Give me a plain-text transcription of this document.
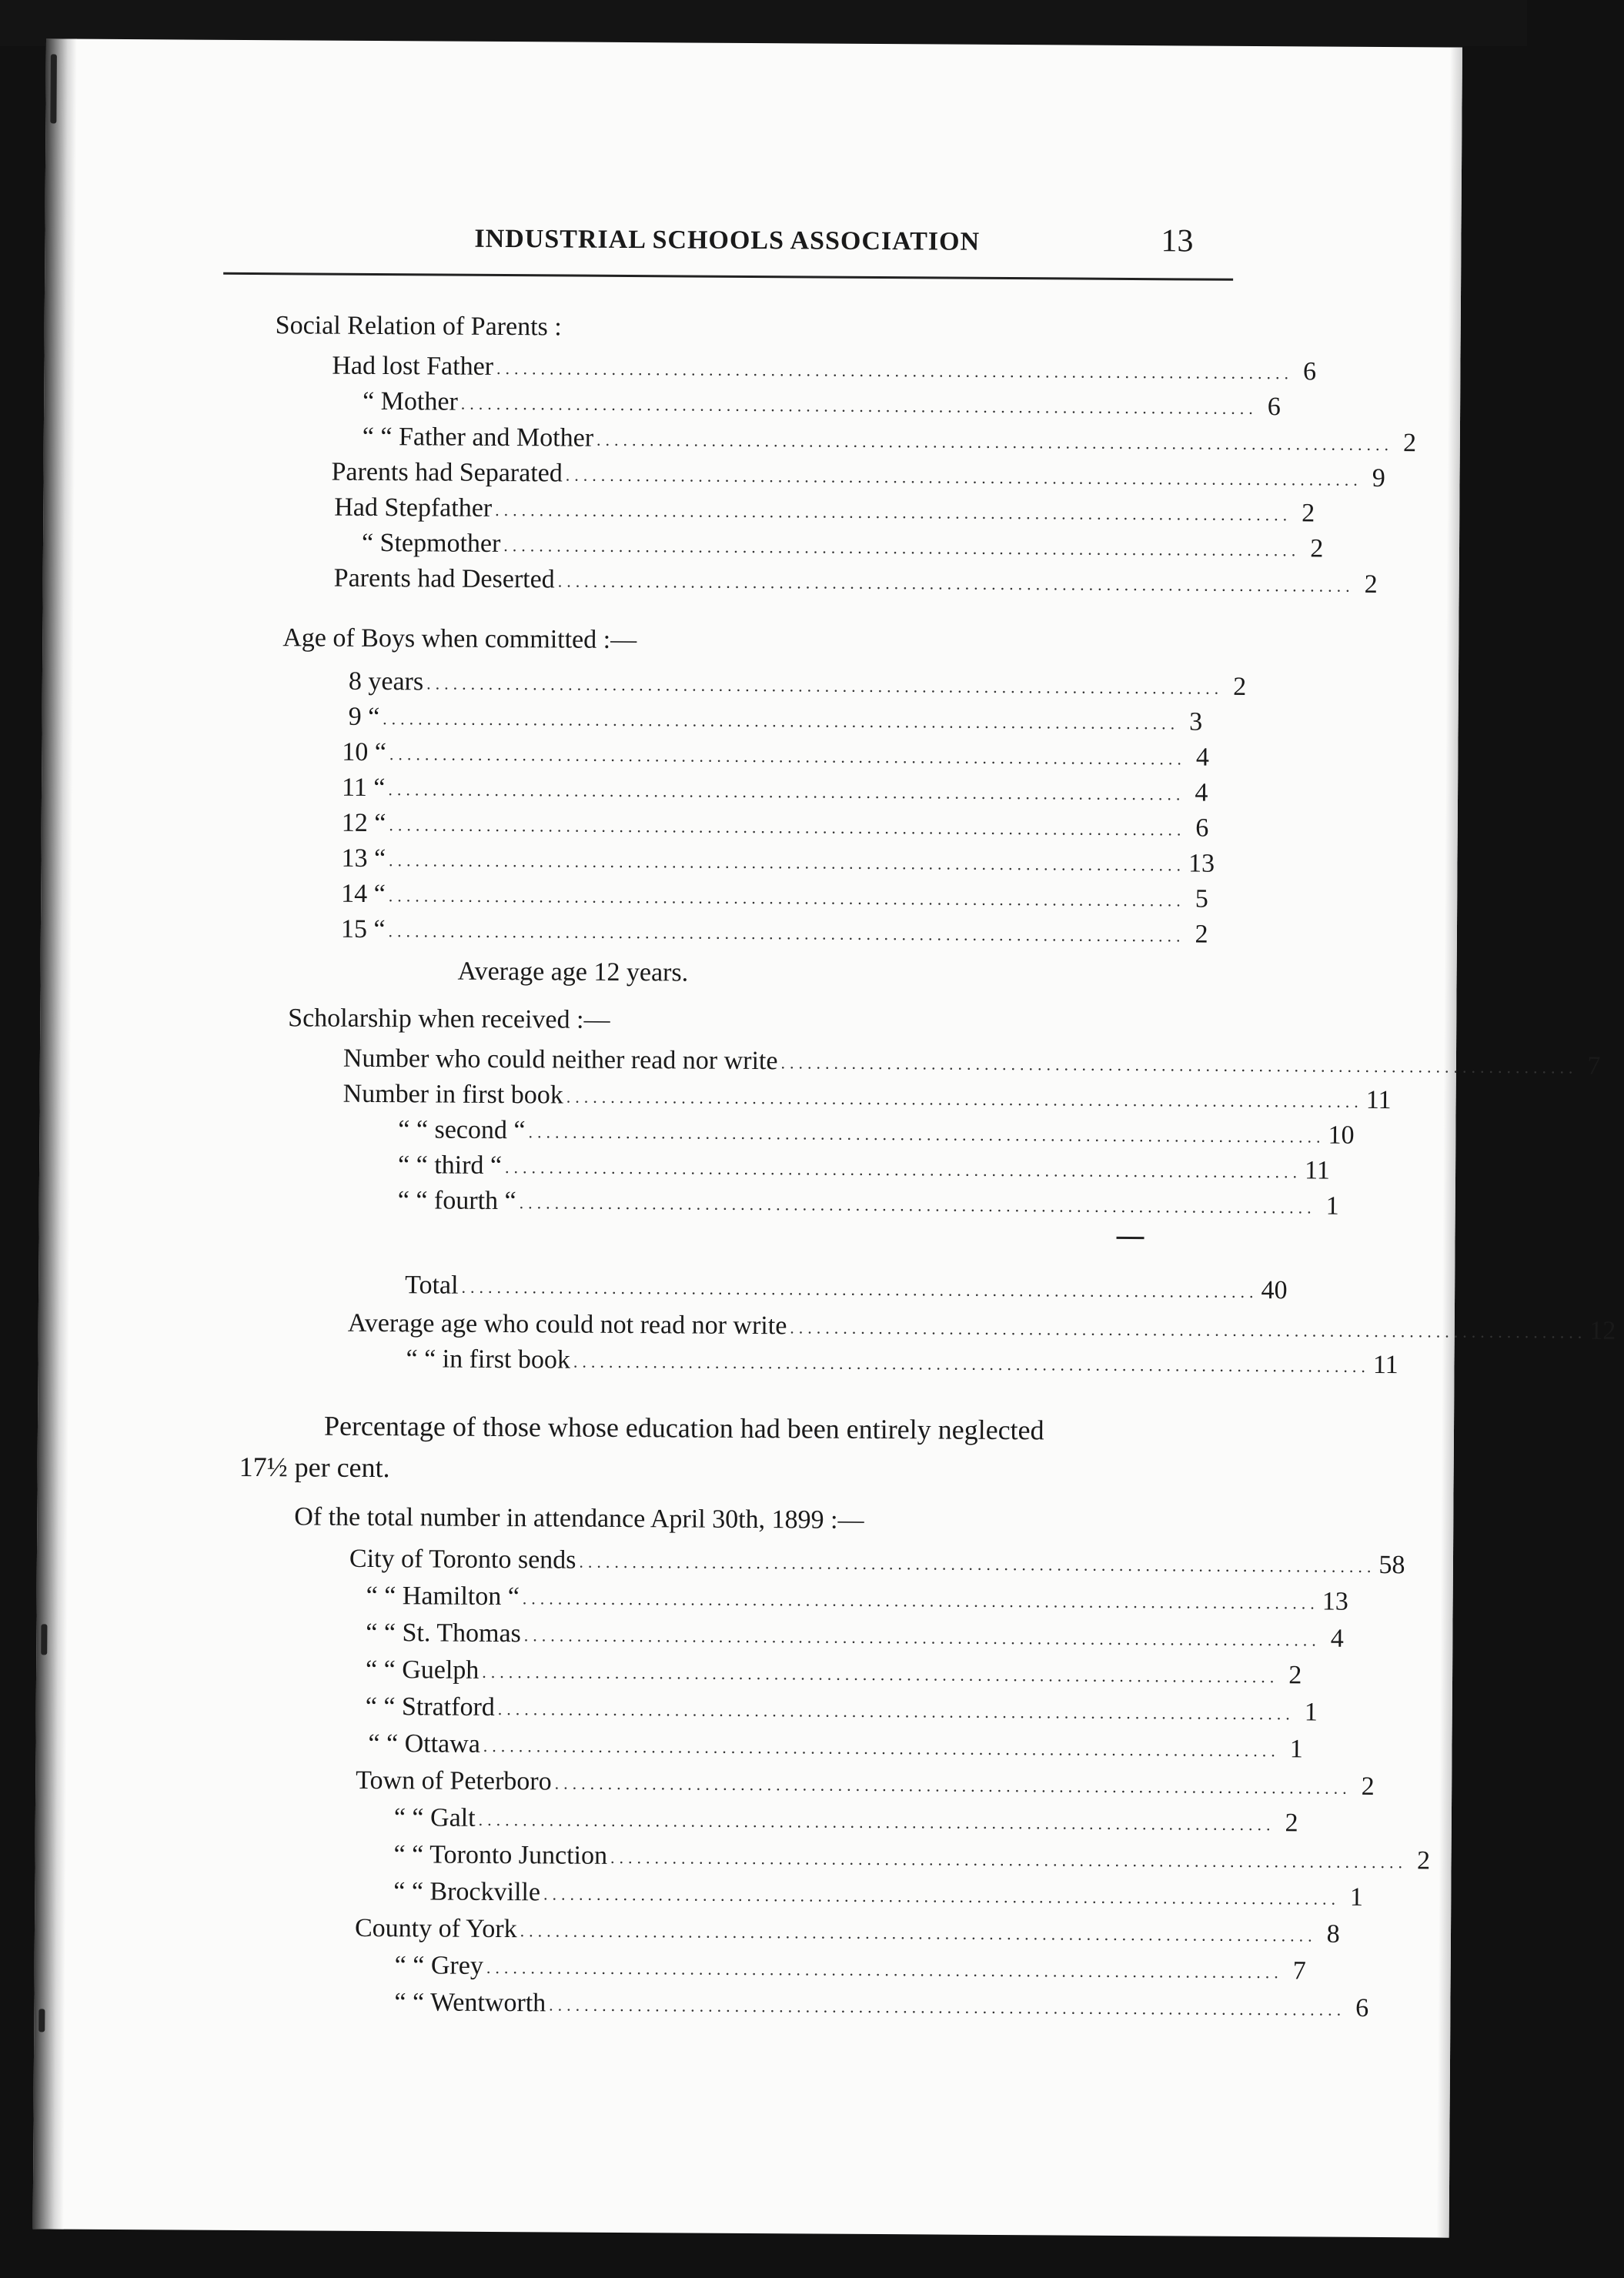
INDUSTRIAL SCHOOLS ASSOCIATION	13
Social Relation of Parents :
Had lost Father .......................................................................................... 6
“ Mother .......................................................................................... 6
“ “ Father and Mother .......................................................................................... 2
Parents had Separated .......................................................................................... 9
Had Stepfather .......................................................................................... 2
“ Stepmother .......................................................................................... 2
Parents had Deserted .......................................................................................... 2
Age of Boys when committed :—
8 years .......................................................................................... 2
9 “ .......................................................................................... 3
10 “ .......................................................................................... 4
11 “ .......................................................................................... 4
12 “ .......................................................................................... 6
13 “ .......................................................................................... 13
14 “ .......................................................................................... 5
15 “ .......................................................................................... 2
Average age 12 years.
Scholarship when received :—
Number who could neither read nor write .......................................................................................... 7
Number in first book .......................................................................................... 11
“ “ second “ .......................................................................................... 10
“ “ third “ .......................................................................................... 11
“ “ fourth “ .......................................................................................... 1
Total .......................................................................................... 40
Average age who could not read nor write .......................................................................................... 12
“ “ in first book .......................................................................................... 11
Percentage of those whose education had been entirely neglected
17½ per cent.
Of the total number in attendance April 30th, 1899 :—
City of Toronto sends .......................................................................................... 58
“ “ Hamilton “ .......................................................................................... 13
“ “ St. Thomas .......................................................................................... 4
“ “ Guelph .......................................................................................... 2
“ “ Stratford .......................................................................................... 1
“ “ Ottawa .......................................................................................... 1
Town of Peterboro .......................................................................................... 2
“ “ Galt .......................................................................................... 2
“ “ Toronto Junction .......................................................................................... 2
“ “ Brockville .......................................................................................... 1
County of York .......................................................................................... 8
“ “ Grey .......................................................................................... 7
“ “ Wentworth .......................................................................................... 6
